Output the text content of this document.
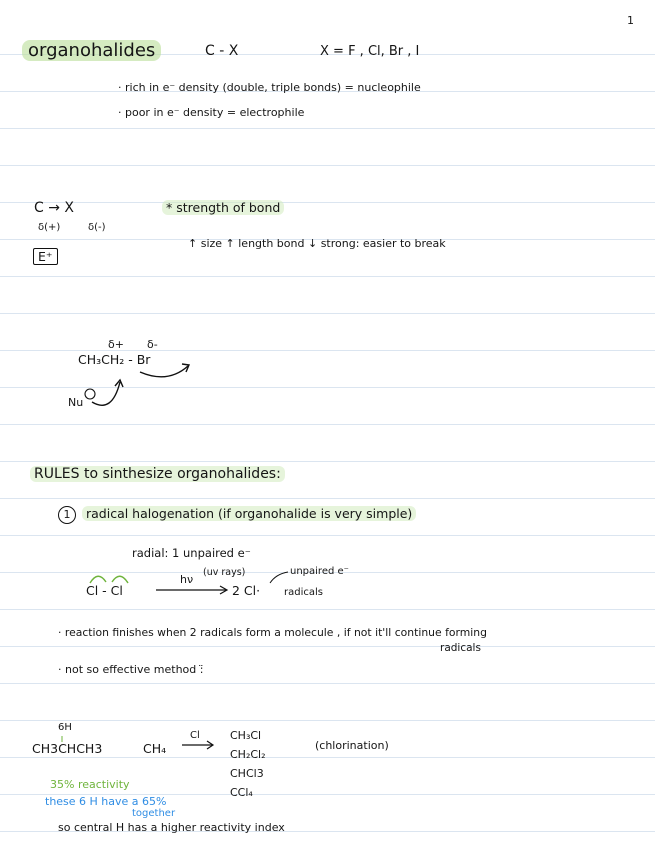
1
organohalides	C - X	X = F , Cl, Br , I
· rich in e⁻ density (double, triple bonds) = nucleophile
· poor in e⁻ density = electrophile
C → X
δ(+)	δ(-)
E⁺
* strength of bond
↑ size ↑ length bond ↓ strong: easier to break
δ+ δ-
CH₃CH₂ - Br
Nu
RULES to sinthesize organohalides:
1 radical halogenation (if organohalide is very simple)
radial: 1 unpaired e⁻
Cl - Cl
hν
(uv rays)
2 Cl·
unpaired e⁻
radicals
· reaction finishes when 2 radicals form a molecule , if not it'll continue forming
radicals
· not so effective method :̈
6H
CH3CHCH3	CH₄
Cl	CH₃Cl
CH₂Cl₂
CHCl3
CCl₄
(chlorination)
35% reactivity
these 6 H have a 65%
together
so central H has a higher reactivity index
